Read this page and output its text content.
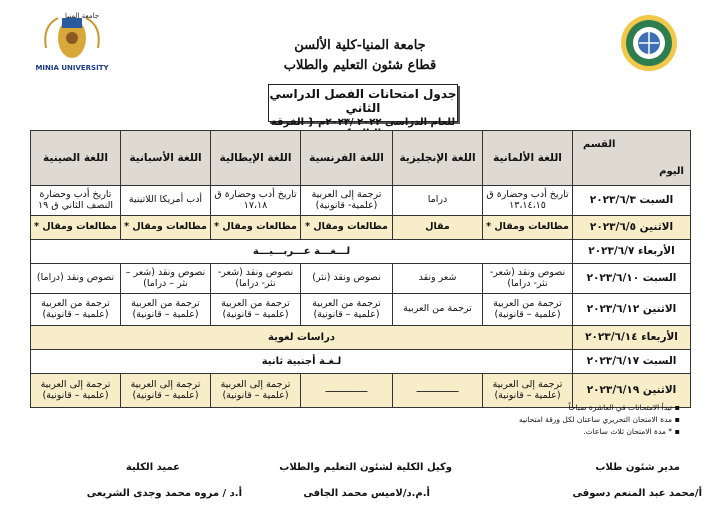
جامعة المنيا
MINIA UNIVERSITY
جامعة المنيا-كلية الألسن
قطاع شئون التعليم والطلاب
جدول امتحانات الفصل الدراسي الثاني
للعام الدراسى ٢٠٢٢ /٢٠٢٣م { الفرقة
القسم
اليوم	اللغة الألمانية	اللغة الإنجليزية	اللغة الفرنسية	اللغة الإيطالية	اللغة الأسبانية	اللغة الصينية
السبت ٢٠٢٣/٦/٣	تاريخ أدب وحضارة ق ١٣،١٤،١٥	دراما	ترجمة إلى العربية (علمية- قانونية)	تاريخ أدب وحضارة ق ١٧،١٨	أدب أمريكا اللاتينية	تاريخ أدب وحضارة النصف الثاني ق ١٩
الاثنين ٢٠٢٣/٦/٥	مطالعات ومقال *	مقال	مطالعات ومقال *	مطالعات ومقال *	مطالعات ومقال *	مطالعات ومقال *
الأربعاء ٢٠٢٣/٦/٧	لـــغـــة عـــربـــيـــة					
السبت ٢٠٢٣/٦/١٠	نصوص ونقد (شعر- نثر- دراما)	شعر ونقد	نصوص ونقد (نثر)	نصوص ونقد (شعر- نثر- دراما)	نصوص ونقد (شعر – نثر – دراما)	نصوص ونقد (دراما)
الاثنين ٢٠٢٣/٦/١٢	ترجمة من العربية (علمية – قانونية)	ترجمة من العربية	ترجمة من العربية (علمية – قانونية)	ترجمة من العربية (علمية – قانونية)	ترجمة من العربية (علمية – قانونية)	ترجمة من العربية (علمية – قانونية)
الأربعاء ٢٠٢٣/٦/١٤	دراسات لغوية					
السبت ٢٠٢٣/٦/١٧	لـغـة أجنبية ثانية					
الاثنين ٢٠٢٣/٦/١٩	ترجمة إلى العربية (علمية – قانونية)	ـــــــــــــــ	ـــــــــــــــ	ترجمة إلى العربية (علمية – قانونية)	ترجمة إلى العربية (علمية – قانونية)	ترجمة إلى العربية (علمية – قانونية)
▪ تبدأ الامتحانات في العاشرة صباحاً
▪ مدة الامتحان التحريري ساعتان لكل ورقة امتحانيه
▪ * مدة الامتحان ثلاث ساعات.
مدير شئون طلاب
أ/محمد عبد المنعم دسوقى
وكيل الكلية لشئون التعليم والطلاب
أ.م.د/لاميس محمد الجافى
عميد الكلية
أ.د / مروه محمد وجدى الشريعى
